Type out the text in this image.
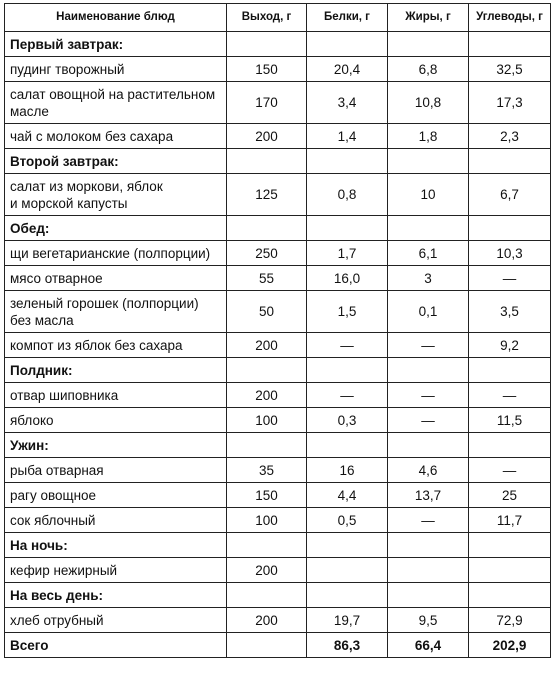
Наименование блюд	Выход, г	Белки, г	Жиры, г	Углеводы, г
Первый завтрак:				
пудинг творожный	150	20,4	6,8	32,5
салат овощной на растительном масле	170	3,4	10,8	17,3
чай с молоком без сахара	200	1,4	1,8	2,3
Второй завтрак:				
салат из моркови, яблок
и морской капусты	125	0,8	10	6,7
Обед:				
щи вегетарианские (полпорции)	250	1,7	6,1	10,3
мясо отварное	55	16,0	3	—
зеленый горошек (полпорции)
без масла	50	1,5	0,1	3,5
компот из яблок без сахара	200	—	—	9,2
Полдник:				
отвар шиповника	200	—	—	—
яблоко	100	0,3	—	11,5
Ужин:				
рыба отварная	35	16	4,6	—
рагу овощное	150	4,4	13,7	25
сок яблочный	100	0,5	—	11,7
На ночь:				
кефир нежирный	200			
На весь день:				
хлеб отрубный	200	19,7	9,5	72,9
Всего		86,3	66,4	202,9
